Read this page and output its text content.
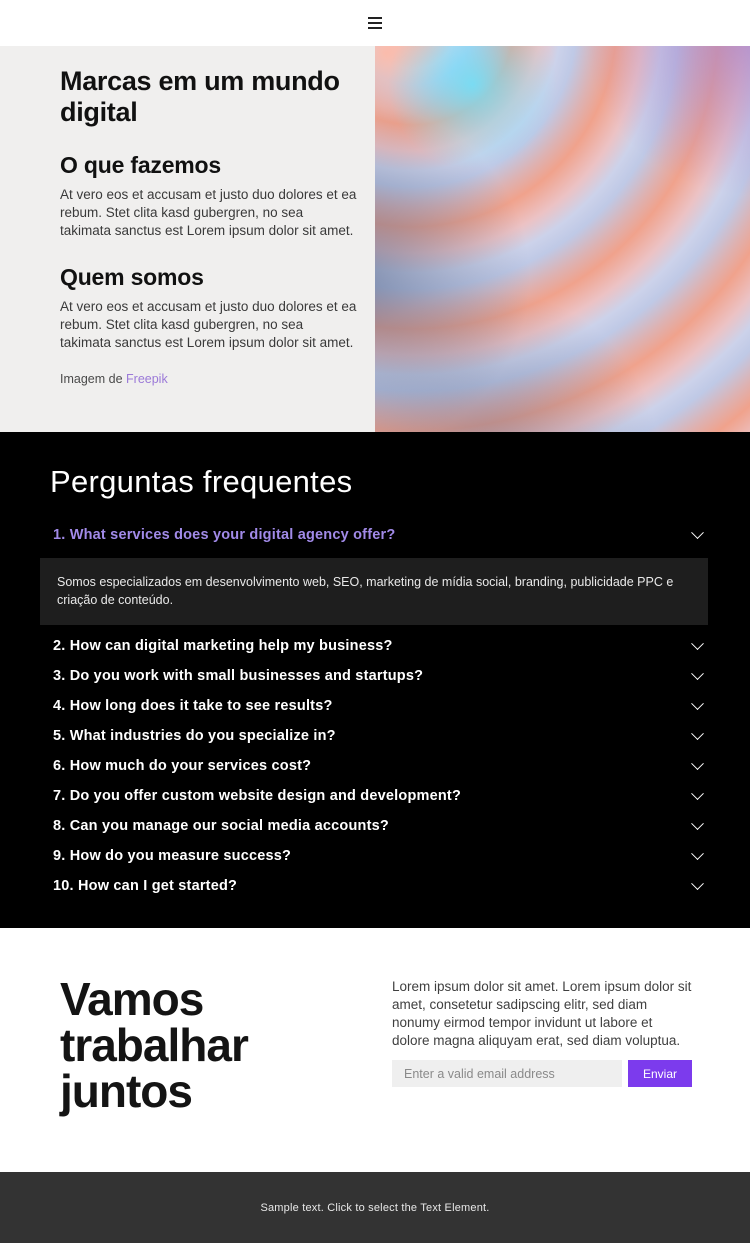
Marcas em um mundo digital
O que fazemos

At vero eos et accusam et justo duo dolores et ea rebum. Stet clita kasd gubergren, no sea takimata sanctus est Lorem ipsum dolor sit amet.

Quem somos

At vero eos et accusam et justo duo dolores et ea rebum. Stet clita kasd gubergren, no sea takimata sanctus est Lorem ipsum dolor sit amet.

Imagem de Freepik

Perguntas frequentes
1. What services does your digital agency offer?
Somos especializados em desenvolvimento web, SEO, marketing de mídia social, branding, publicidade PPC e criação de conteúdo.
2. How can digital marketing help my business?
3. Do you work with small businesses and startups?
4. How long does it take to see results?
5. What industries do you specialize in?
6. How much do your services cost?
7. Do you offer custom website design and development?
8. Can you manage our social media accounts?
9. How do you measure success?
10. How can I get started?
Vamos trabalhar juntos

Lorem ipsum dolor sit amet. Lorem ipsum dolor sit amet, consetetur sadipscing elitr, sed diam nonumy eirmod tempor invidunt ut labore et dolore magna aliquyam erat, sed diam voluptua.

Enter a valid email address
Enviar
Sample text. Click to select the Text Element.
